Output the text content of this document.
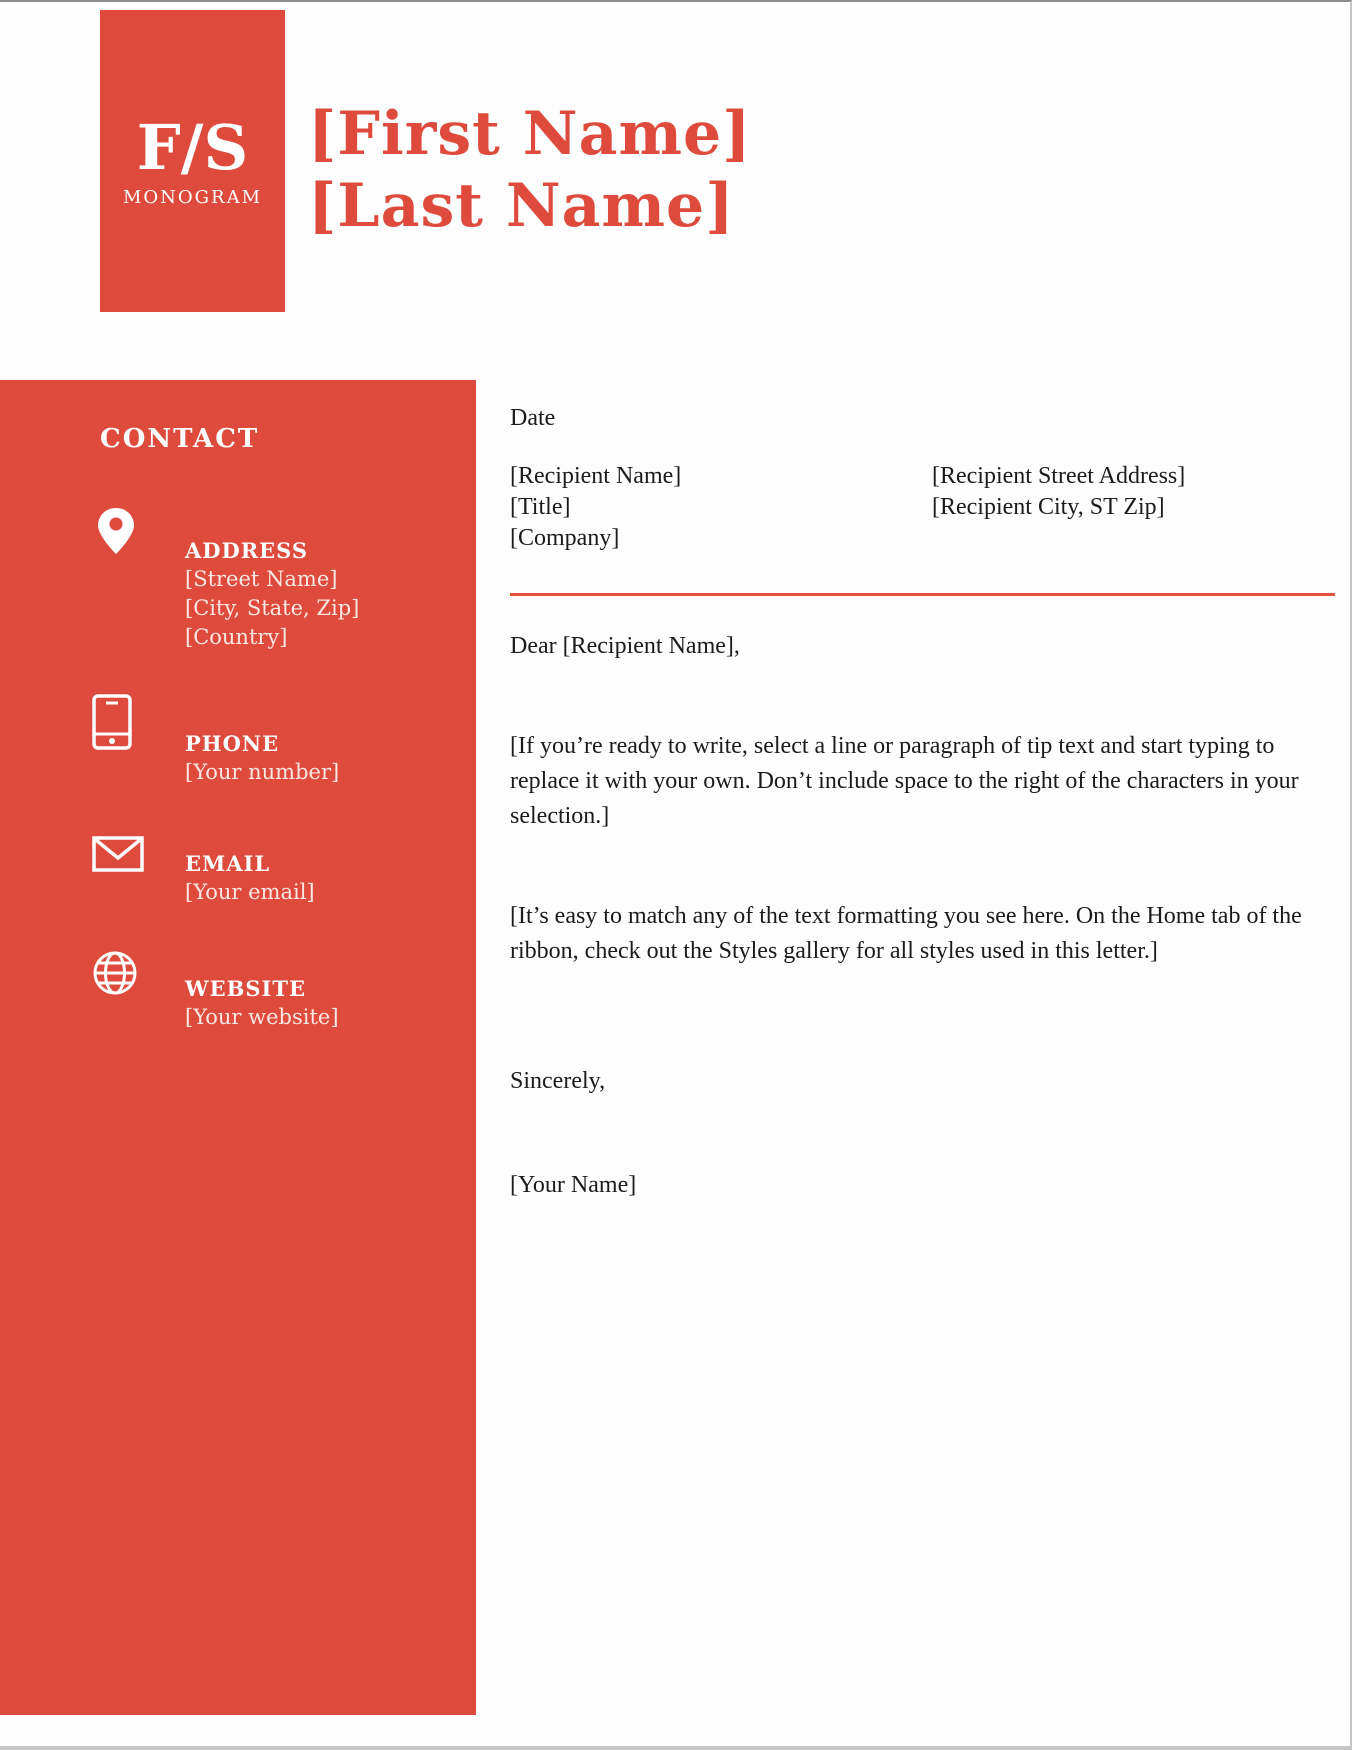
F/S
MONOGRAM
[First Name]
[Last Name]
CONTACT
ADDRESS
[Street Name]
[City, State, Zip]
[Country]
PHONE
[Your number]
EMAIL
[Your email]
WEBSITE
[Your website]
Date
[Recipient Name]
[Title]
[Company]
[Recipient Street Address]
[Recipient City, ST Zip]
Dear [Recipient Name],
[If you’re ready to write, select a line or paragraph of tip text and start typing to replace it with your own. Don’t include space to the right of the characters in your selection.]
[It’s easy to match any of the text formatting you see here. On the Home tab of the ribbon, check out the Styles gallery for all styles used in this letter.]
Sincerely,
[Your Name]
